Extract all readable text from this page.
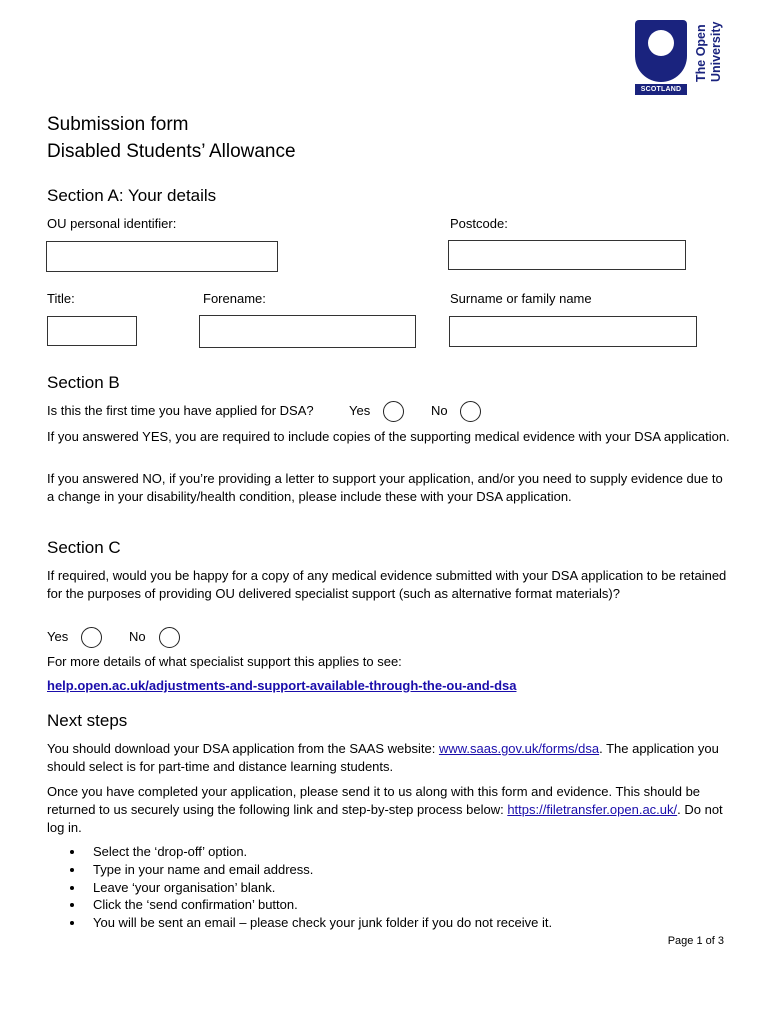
The Open University
SCOTLAND
Submission form
Disabled Students’ Allowance
Section A: Your details
OU personal identifier:	Postcode:
Title:	Forename:	Surname or family name
Section B
Is this the first time you have applied for DSA?	Yes	No
If you answered YES, you are required to include copies of the supporting medical evidence with your DSA application.
If you answered NO, if you’re providing a letter to support your application, and/or you need to supply evidence due to a change in your disability/health condition, please include these with your DSA application.
Section C
If required, would you be happy for a copy of any medical evidence submitted with your DSA application to be retained for the purposes of providing OU delivered specialist support (such as alternative format materials)?
Yes	No
For more details of what specialist support this applies to see:
help.open.ac.uk/adjustments-and-support-available-through-the-ou-and-dsa
Next steps
You should download your DSA application from the SAAS website: www.saas.gov.uk/forms/dsa. The application you should select is for part-time and distance learning students.
Once you have completed your application, please send it to us along with this form and evidence. This should be returned to us securely using the following link and step-by-step process below: https://filetransfer.open.ac.uk/. Do not log in.
Select the ‘drop-off’ option.
Type in your name and email address.
Leave ‘your organisation’ blank.
Click the ‘send confirmation’ button.
You will be sent an email – please check your junk folder if you do not receive it.
Page 1 of 3
